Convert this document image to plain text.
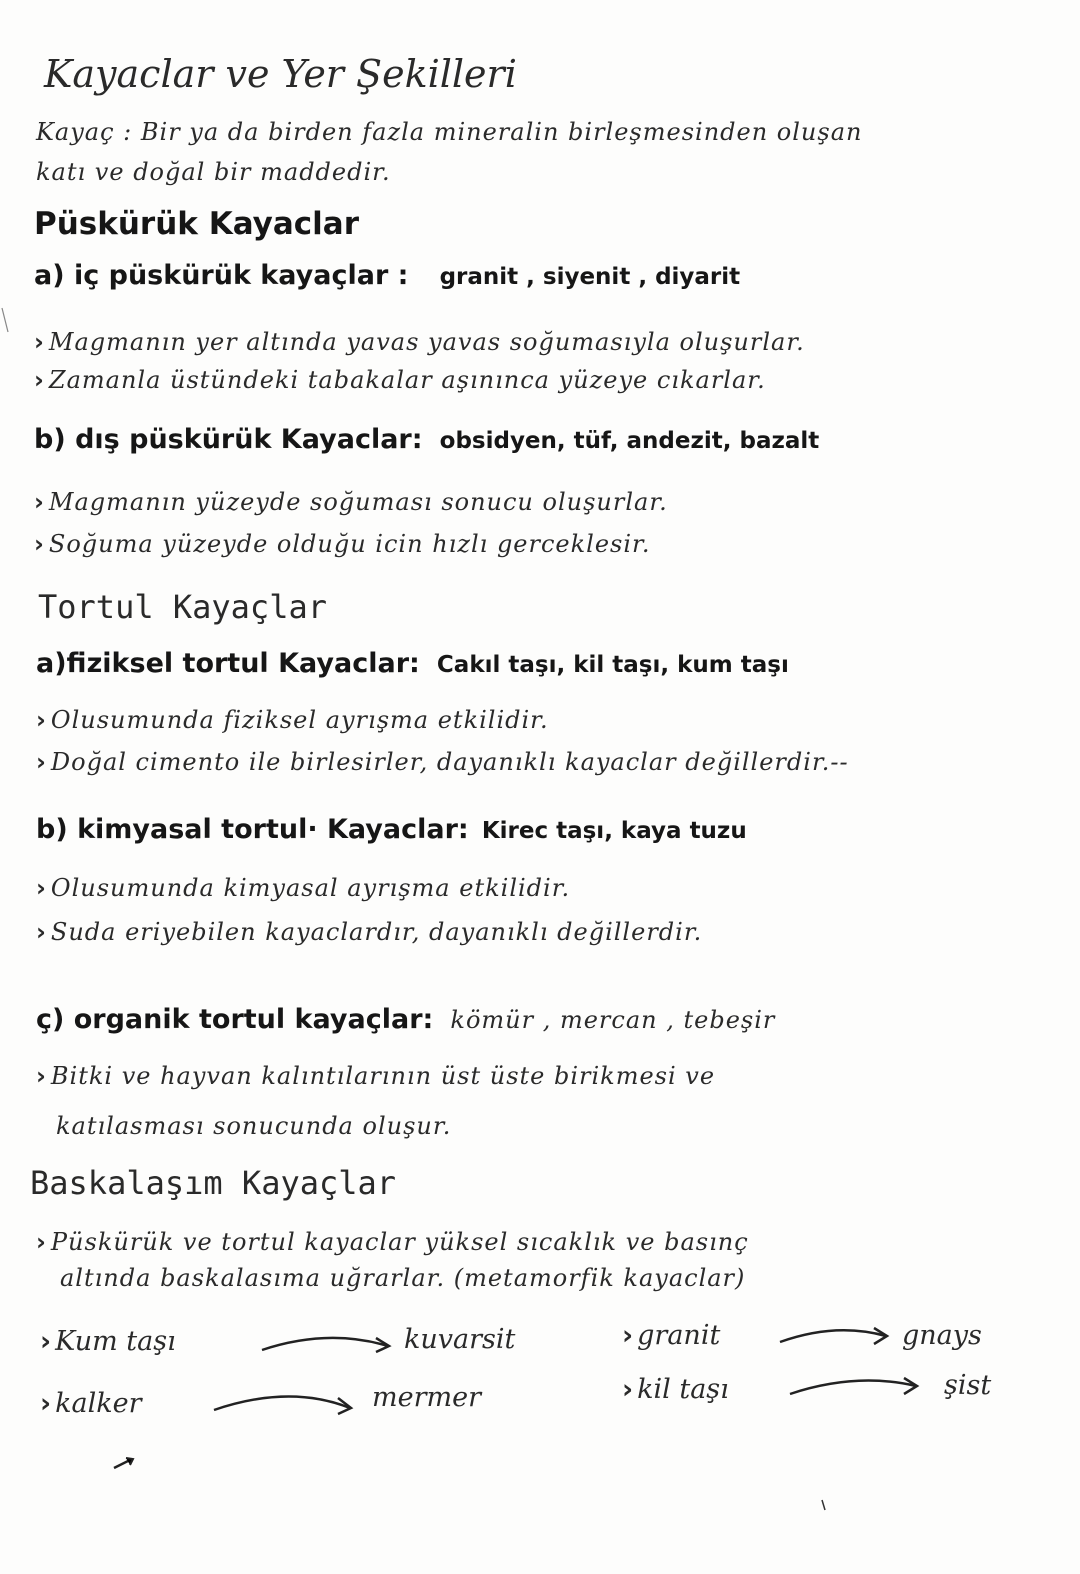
Kayaclar ve Yer Şekilleri
Kayaç : Bir ya da birden fazla mineralin birleşmesinden oluşan
katı ve doğal bir maddedir.
Püskürük Kayaclar
a) iç püskürük kayaçlar : granit , siyenit , diyarit
› Magmanın yer altında yavas yavas soğumasıyla oluşurlar.
› Zamanla üstündeki tabakalar aşınınca yüzeye cıkarlar.
b) dış püskürük Kayaclar: obsidyen, tüf, andezit, bazalt
› Magmanın yüzeyde soğuması sonucu oluşurlar.
› Soğuma yüzeyde olduğu icin hızlı gerceklesir.
Tortul Kayaçlar
a)fiziksel tortul Kayaclar: Cakıl taşı, kil taşı, kum taşı
› Olusumunda fiziksel ayrışma etkilidir.
› Doğal cimento ile birlesirler, dayanıklı kayaclar değillerdir.--
b) kimyasal tortul· Kayaclar: Kirec taşı, kaya tuzu
› Olusumunda kimyasal ayrışma etkilidir.
› Suda eriyebilen kayaclardır, dayanıklı değillerdir.
ç) organik tortul kayaçlar: kömür , mercan , tebeşir
› Bitki ve hayvan kalıntılarının üst üste birikmesi ve
katılasması sonucunda oluşur.
Baskalaşım Kayaçlar
› Püskürük ve tortul kayaclar yüksel sıcaklık ve basınç
altında baskalasıma uğrarlar. (metamorfik kayaclar)
› Kum taşı	kuvarsit	› granit	gnays
› kalker	mermer	› kil taşı	şist
